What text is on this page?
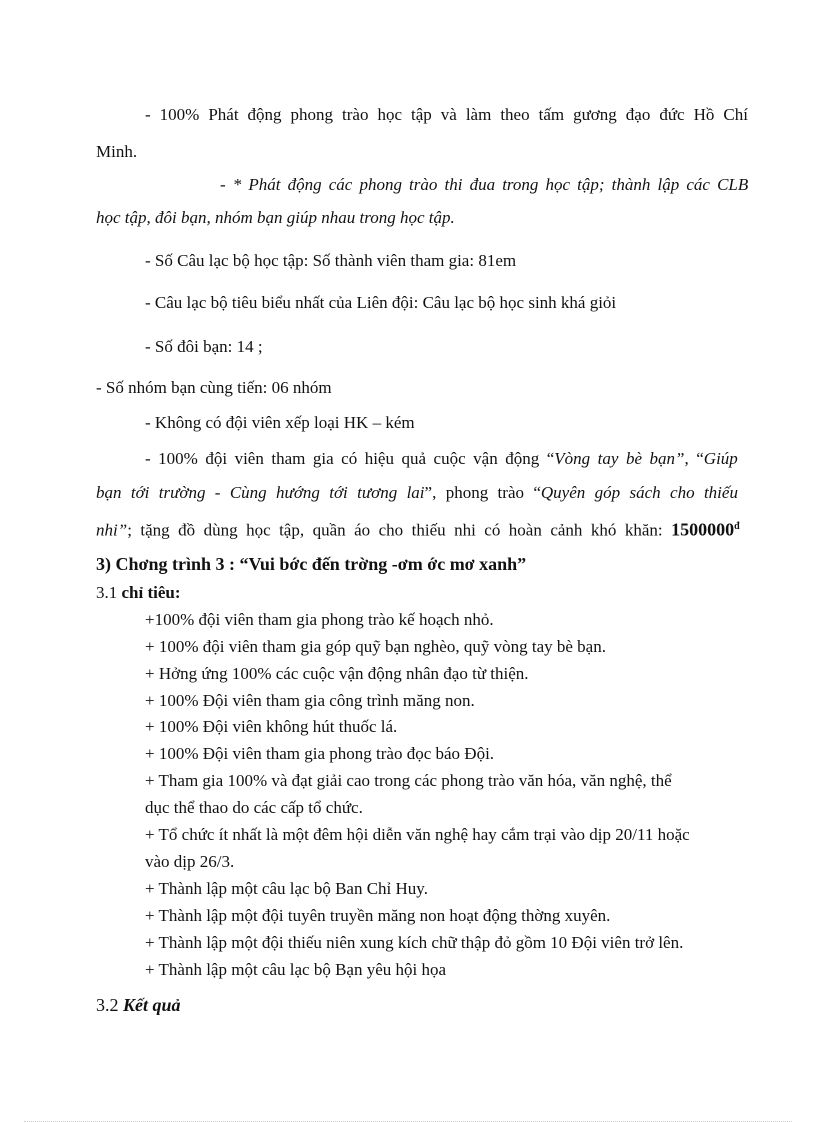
- 100% Phát động phong trào học tập và làm theo tấm gương đạo đức Hồ Chí
Minh.
- * Phát động các phong trào thi đua trong học tập; thành lập các CLB
học tập, đôi bạn, nhóm bạn giúp nhau trong học tập.
- Số Câu lạc bộ học tập: Số thành viên tham gia: 81em
- Câu lạc bộ tiêu biểu nhất của Liên đội: Câu lạc bộ học sinh khá giỏi
- Số đôi bạn: 14 ;
- Số nhóm bạn cùng tiến: 06 nhóm
- Không có đội viên xếp loại HK – kém
- 100% đội viên tham gia có hiệu quả cuộc vận động “Vòng tay bè bạn”, “Giúp
bạn tới trường - Cùng hướng tới tương lai”, phong trào “Quyên góp sách cho thiếu
nhi”; tặng đồ dùng học tập, quần áo cho thiếu nhi có hoàn cảnh khó khăn: $1500000^đ$
3) Chơng trình 3 : “Vui bớc đến trờng -ơm ớc mơ xanh”
3.1 chỉ tiêu:
+100% đội viên tham gia phong trào kế hoạch nhỏ.
+ 100% đội viên tham gia góp quỹ bạn nghèo, quỹ vòng tay bè bạn.
+ Hởng ứng 100% các cuộc vận động nhân đạo từ thiện.
+ 100% Đội viên tham gia công trình măng non.
+ 100% Đội viên không hút thuốc lá.
+ 100% Đội viên tham gia phong trào đọc báo Đội.
+ Tham gia 100% và đạt giải cao trong các phong trào văn hóa, văn nghệ, thể
dục thể thao do các cấp tổ chức.
+ Tổ chức ít nhất là một đêm hội diễn văn nghệ hay cắm trại vào dịp 20/11 hoặc
vào dịp 26/3.
+ Thành lập một câu lạc bộ Ban Chỉ Huy.
+ Thành lập một đội tuyên truyền măng non hoạt động thờng xuyên.
+ Thành lập một đội thiếu niên xung kích chữ thập đỏ gồm 10 Đội viên trở lên.
+ Thành lập một câu lạc bộ Bạn yêu hội họa
3.2 Kết quả
